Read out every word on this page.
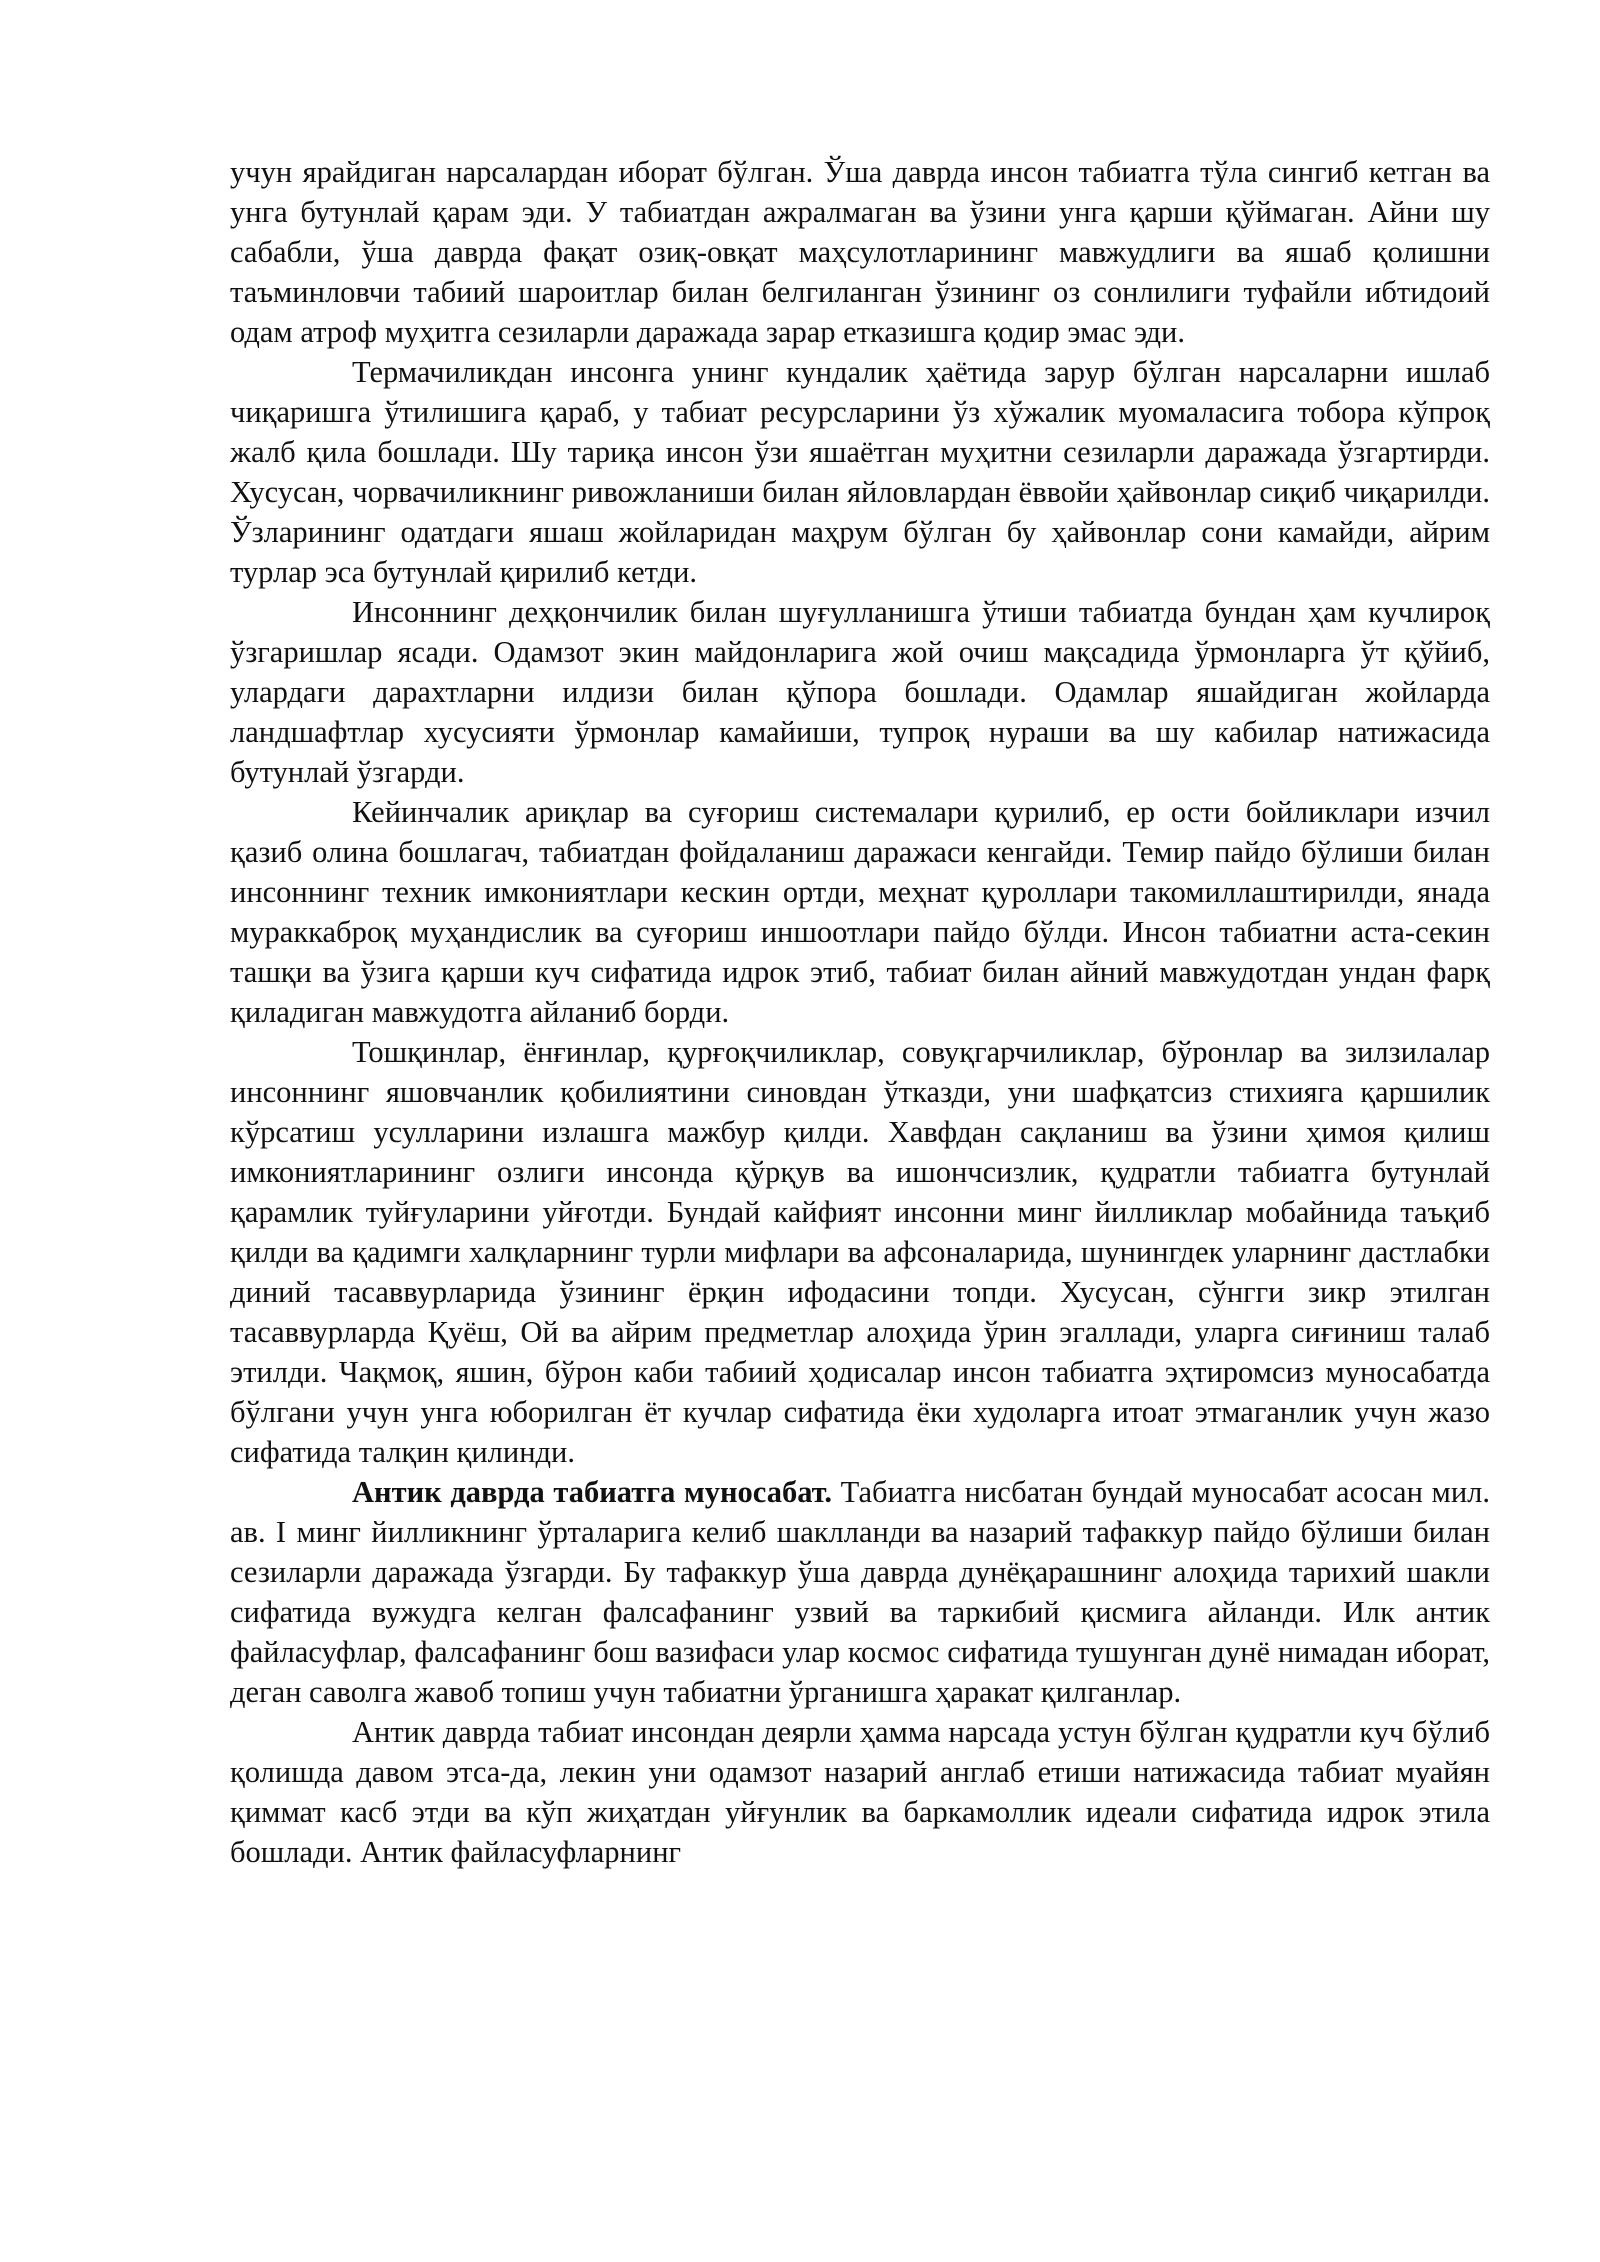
учун ярайдиган нарсалардан иборат бўлган. Ўша даврда инсон табиатга тўла сингиб кетган ва унга бутунлай қарам эди. У табиатдан ажралмаган ва ўзини унга қарши қўймаган. Айни шу сабабли, ўша даврда фақат озиқ-овқат маҳсулотларининг мавжудлиги ва яшаб қолишни таъминловчи табиий шароитлар билан белгиланган ўзининг оз сонлилиги туфайли ибтидоий одам атроф муҳитга сезиларли даражада зарар етказишга қодир эмас эди.

Термачиликдан инсонга унинг кундалик ҳаётида зарур бўлган нарсаларни ишлаб чиқаришга ўтилишига қараб, у табиат ресурсларини ўз хўжалик муомаласига тобора кўпроқ жалб қила бошлади. Шу тариқа инсон ўзи яшаётган муҳитни сезиларли даражада ўзгартирди. Хусусан, чорвачиликнинг ривожланиши билан яйловлардан ёввойи ҳайвонлар сиқиб чиқарилди. Ўзларининг одатдаги яшаш жойларидан маҳрум бўлган бу ҳайвонлар сони камайди, айрим турлар эса бутунлай қирилиб кетди.

Инсоннинг деҳқончилик билан шуғулланишга ўтиши табиатда бундан ҳам кучлироқ ўзгаришлар ясади. Одамзот экин майдонларига жой очиш мақсадида ўрмонларга ўт қўйиб, улардаги дарахтларни илдизи билан қўпора бошлади. Одамлар яшайдиган жойларда ландшафтлар хусусияти ўрмонлар камайиши, тупроқ нураши ва шу кабилар натижасида бутунлай ўзгарди.

Кейинчалик ариқлар ва суғориш системалари қурилиб, ер ости бойликлари изчил қазиб олина бошлагач, табиатдан фойдаланиш даражаси кенгайди. Темир пайдо бўлиши билан инсоннинг техник имкониятлари кескин ортди, меҳнат қуроллари такомиллаштирилди, янада мураккаброқ муҳандислик ва суғориш иншоотлари пайдо бўлди. Инсон табиатни аста-секин ташқи ва ўзига қарши куч сифатида идрок этиб, табиат билан айний мавжудотдан ундан фарқ қиладиган мавжудотга айланиб борди.

Тошқинлар, ёнғинлар, қурғоқчиликлар, совуқгарчиликлар, бўронлар ва зилзилалар инсоннинг яшовчанлик қобилиятини синовдан ўтказди, уни шафқатсиз стихияга қаршилик кўрсатиш усулларини излашга мажбур қилди. Хавфдан сақланиш ва ўзини ҳимоя қилиш имкониятларининг озлиги инсонда қўрқув ва ишончсизлик, қудратли табиатга бутунлай қарамлик туйғуларини уйғотди. Бундай кайфият инсонни минг йилликлар мобайнида таъқиб қилди ва қадимги халқларнинг турли мифлари ва афсоналарида, шунингдек уларнинг дастлабки диний тасаввурларида ўзининг ёрқин ифодасини топди. Хусусан, сўнгги зикр этилган тасаввурларда Қуёш, Ой ва айрим предметлар алоҳида ўрин эгаллади, уларга сиғиниш талаб этилди. Чақмоқ, яшин, бўрон каби табиий ҳодисалар инсон табиатга эҳтиромсиз муносабатда бўлгани учун унга юборилган ёт кучлар сифатида ёки худоларга итоат этмаганлик учун жазо сифатида талқин қилинди.

Антик даврда табиатга муносабат. Табиатга нисбатан бундай муносабат асосан мил. ав. I минг йилликнинг ўрталарига келиб шаклланди ва назарий тафаккур пайдо бўлиши билан сезиларли даражада ўзгарди. Бу тафаккур ўша даврда дунёқарашнинг алоҳида тарихий шакли сифатида вужудга келган фалсафанинг узвий ва таркибий қисмига айланди. Илк антик файласуфлар, фалсафанинг бош вазифаси улар космос сифатида тушунган дунё нимадан иборат, деган саволга жавоб топиш учун табиатни ўрганишга ҳаракат қилганлар.

Антик даврда табиат инсондан деярли ҳамма нарсада устун бўлган қудратли куч бўлиб қолишда давом этса-да, лекин уни одамзот назарий англаб етиши натижасида табиат муайян қиммат касб этди ва кўп жиҳатдан уйғунлик ва баркамоллик идеали сифатида идрок этила бошлади. Антик файласуфларнинг
